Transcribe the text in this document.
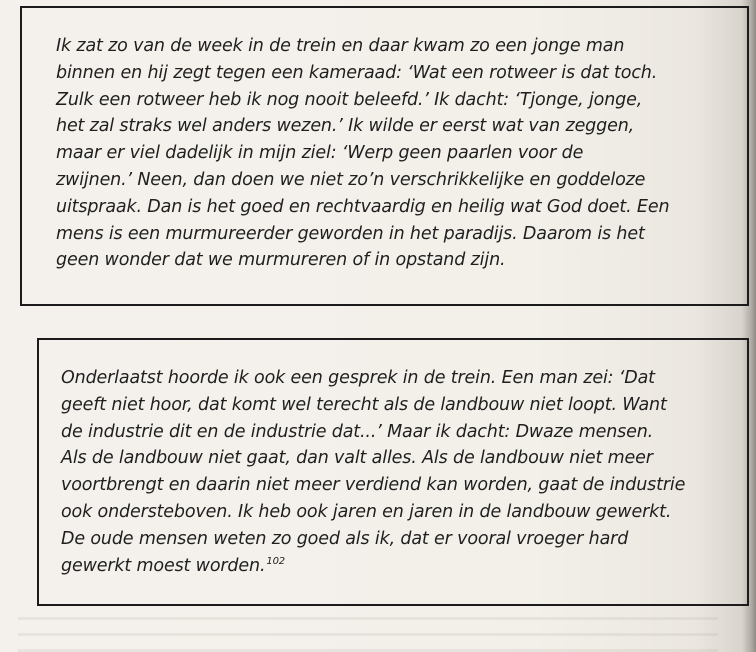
Ik zat zo van de week in de trein en daar kwam zo een jonge man
binnen en hij zegt tegen een kameraad: ‘Wat een rotweer is dat toch.
Zulk een rotweer heb ik nog nooit beleefd.’ Ik dacht: ‘Tjonge, jonge,
het zal straks wel anders wezen.’ Ik wilde er eerst wat van zeggen,
maar er viel dadelijk in mijn ziel: ‘Werp geen paarlen voor de
zwijnen.’ Neen, dan doen we niet zo’n verschrikkelijke en goddeloze
uitspraak. Dan is het goed en rechtvaardig en heilig wat God doet. Een
mens is een murmureerder geworden in het paradijs. Daarom is het
geen wonder dat we murmureren of in opstand zijn.

Onderlaatst hoorde ik ook een gesprek in de trein. Een man zei: ‘Dat
geeft niet hoor, dat komt wel terecht als de landbouw niet loopt. Want
de industrie dit en de industrie dat...’ Maar ik dacht: Dwaze mensen.
Als de landbouw niet gaat, dan valt alles. Als de landbouw niet meer
voortbrengt en daarin niet meer verdiend kan worden, gaat de industrie
ook ondersteboven. Ik heb ook jaren en jaren in de landbouw gewerkt.
De oude mensen weten zo goed als ik, dat er vooral vroeger hard
gewerkt moest worden.$^{102}$
